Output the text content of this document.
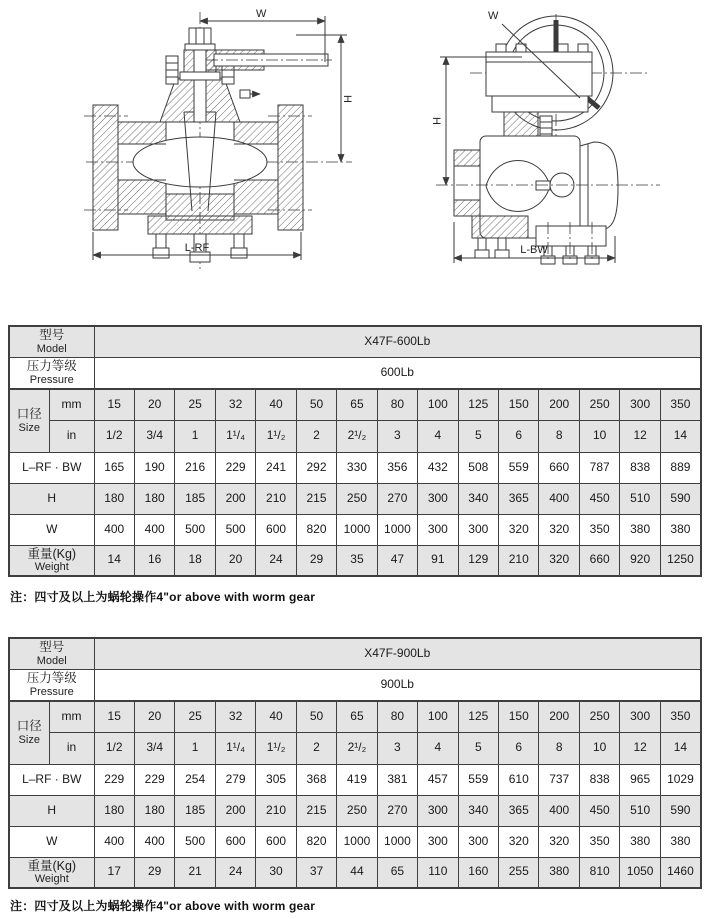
W
H
L-RF
W
H
L-BW
型号
Model		X47F-600Lb														

压力等级
Pressure		600Lb														

口径
Size	mm	15	20	25	32	40	50	65	80	100	125	150	200	250	300	350
	in	1/2	3/4	1	1¹/₄	1¹/₂	2	2¹/₂	3	4	5	6	8	10	12	14
L–RF · BW		165	190	216	229	241	292	330	356	432	508	559	660	787	838	889
H		180	180	185	200	210	215	250	270	300	340	365	400	450	510	590
W		400	400	500	500	600	820	1000	1000	300	300	320	320	350	380	380

重量(Kg)
Weight		14	16	18	20	24	29	35	47	91	129	210	320	660	920	1250
注：四寸及以上为蜗轮操作4"or above with worm gear
型号
Model		X47F-900Lb														

压力等级
Pressure		900Lb														

口径
Size	mm	15	20	25	32	40	50	65	80	100	125	150	200	250	300	350
	in	1/2	3/4	1	1¹/₄	1¹/₂	2	2¹/₂	3	4	5	6	8	10	12	14
L–RF · BW		229	229	254	279	305	368	419	381	457	559	610	737	838	965	1029
H		180	180	185	200	210	215	250	270	300	340	365	400	450	510	590
W		400	400	500	600	600	820	1000	1000	300	300	320	320	350	380	380

重量(Kg)
Weight		17	29	21	24	30	37	44	65	110	160	255	380	810	1050	1460
注：四寸及以上为蜗轮操作4"or above with worm gear
